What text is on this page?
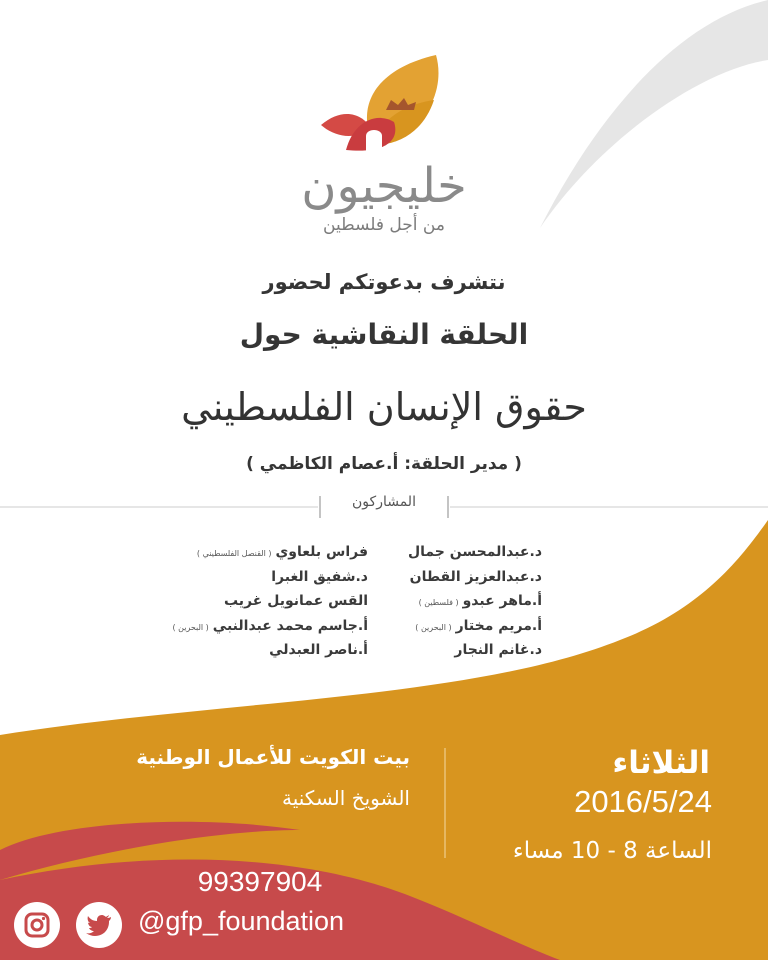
خليجيون
من أجل فلسطين
نتشرف بدعوتكم لحضور
الحلقة النقاشية حول
حقوق الإنسان الفلسطيني
( مدير الحلقة: أ.عصام الكاظمي )
المشاركون
د.عبدالمحسن جمال
د.عبدالعزيز القطان
أ.ماهر عبدو( فلسطين )
أ.مريم مختار( البحرين )
د.غانم النجار
فراس بلعاوي( القنصل الفلسطيني )
د.شفيق الغبرا
القس عمانويل غريب
أ.جاسم محمد عبدالنبي( البحرين )
أ.ناصر العبدلي
الثلاثاء
2016/5/24
الساعة 8 - 10 مساء
بيت الكويت للأعمال الوطنية
الشويخ السكنية
99397904
@gfp_foundation
